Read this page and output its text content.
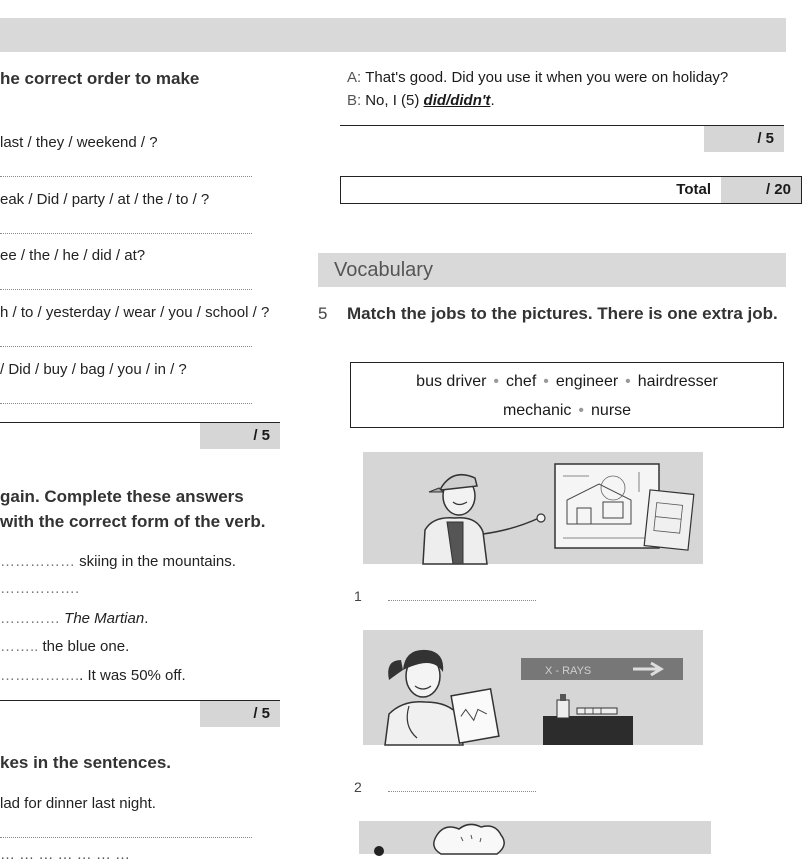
he correct order to make
last / they / weekend / ?
eak / Did / party / at / the / to / ?
ee / the / he / did / at?
h / to / yesterday / wear / you / school / ?
/ Did / buy / bag / you / in / ?
/ 5
gain. Complete these answers
with the correct form of the verb.
…………… skiing in the mountains.
…………….
………… The Martian.
…….. the blue one.
…………….. It was 50% off.
/ 5
kes in the sentences.
lad for dinner last night.
… … … … … … …
A: That's good. Did you use it when you were on holiday?
B: No, I (5) did/didn't.
/ 5
Total	/ 20
Vocabulary
5 Match the jobs to the pictures. There is one extra job.
bus driver • chef • engineer • hairdresser
mechanic • nurse
1
X - RAYS
2
